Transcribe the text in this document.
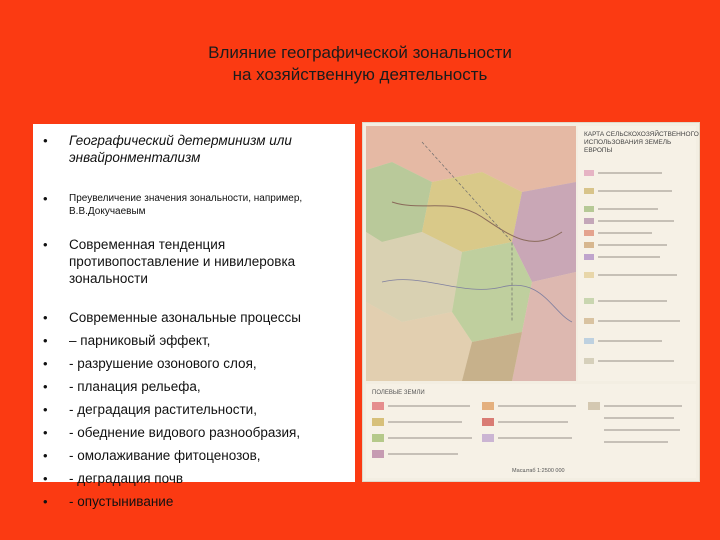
Влияние географической зональности
на хозяйственную деятельность
• Географический детерминизм или энвайронментализм
• Преувеличение значения зональности, например, В.В.Докучаевым
• Современная тенденция противопоставление и нивилеровка зональности
• Современные азональные процессы
• – парниковый эффект,
• - разрушение озонового слоя,
• - планация рельефа,
• - деградация растительности,
• - обеднение видового разнообразия,
• - омолаживание фитоценозов,
• - деградация почв
• - опустынивание
КАРТА СЕЛЬСКОХОЗЯЙСТВЕННОГО
ИСПОЛЬЗОВАНИЯ ЗЕМЕЛЬ
ЕВРОПЫ
ПОЛЕВЫЕ ЗЕМЛИ
Масштаб 1:2500 000
